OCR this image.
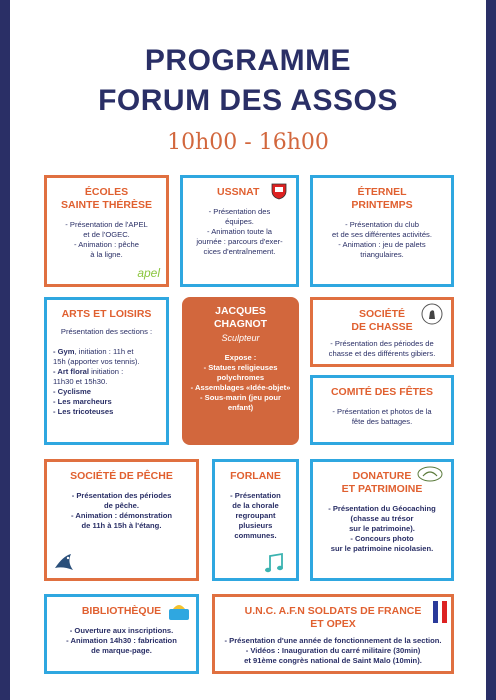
PROGRAMME
FORUM DES ASSOS
10h00 - 16h00
ÉCOLES
SAINTE THÉRÈSE
- Présentation de l'APEL
et de l'OGEC.
- Animation : pêche
à la ligne.
apel
USSNAT
- Présentation des
équipes.
- Animation toute la
journée : parcours d'exer-
cices d'entraînement.
ÉTERNEL
PRINTEMPS
- Présentation du club
et de ses différentes activités.
- Animation : jeu de palets
triangulaires.
ARTS ET LOISIRS
Présentation des sections :
- Gym, initiation : 11h et
15h (apporter vos tennis).
- Art floral initiation :
11h30 et 15h30.
- Cyclisme
- Les marcheurs
- Les tricoteuses
JACQUES
CHAGNOT
Sculpteur
Expose :
- Statues religieuses
polychromes
- Assemblages «Idée-objet»
- Sous-marin (jeu pour
enfant)
SOCIÉTÉ
DE CHASSE
- Présentation des périodes de
chasse et des différents gibiers.
COMITÉ DES FÊTES
- Présentation et photos de la
fête des battages.
SOCIÉTÉ DE PÊCHE
- Présentation des périodes
de pêche.
- Animation : démonstration
de 11h à 15h à l'étang.
FORLANE
- Présentation
de la chorale
regroupant
plusieurs
communes.
DONATURE
ET PATRIMOINE
- Présentation du Géocaching
(chasse au trésor
sur le patrimoine).
- Concours photo
sur le patrimoine nicolasien.
BIBLIOTHÈQUE
- Ouverture aux inscriptions.
- Animation 14h30 : fabrication
de marque-page.
U.N.C. A.F.N SOLDATS DE FRANCE
ET OPEX
- Présentation d'une année de fonctionnement de la section.
- Vidéos : Inauguration du carré militaire (30min)
et 91ème congrès national de Saint Malo (10min).
